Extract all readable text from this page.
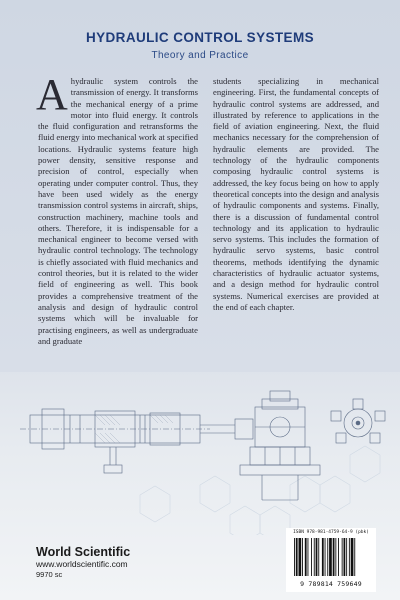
HYDRAULIC CONTROL SYSTEMS
Theory and Practice
A hydraulic system controls the transmission of energy. It transforms the mechanical energy of a prime motor into fluid energy. It controls the fluid configuration and retransforms the fluid energy into mechanical work at specified locations. Hydraulic systems feature high power density, sensitive response and precision of control, especially when operating under computer control. Thus, they have been used widely as the energy transmission control systems in aircraft, ships, construction machinery, machine tools and others. Therefore, it is indispensable for a mechanical engineer to become versed with hydraulic control technology. The technology is chiefly associated with fluid mechanics and control theories, but it is related to the wider field of engineering as well. This book provides a comprehensive treatment of the analysis and design of hydraulic control systems which will be invaluable for practising engineers, as well as undergraduate and graduate
students specializing in mechanical engineering. First, the fundamental concepts of hydraulic control systems are addressed, and illustrated by reference to applications in the field of aviation engineering. Next, the fluid mechanics necessary for the comprehension of hydraulic elements are provided. The technology of the hydraulic components composing hydraulic control systems is addressed, the key focus being on how to apply theoretical concepts into the design and analysis of hydraulic components and systems. Finally, there is a discussion of fundamental control technology and its application to hydraulic servo systems. This includes the formation of hydraulic servo systems, basic control theorems, methods identifying the dynamic characteristics of hydraulic actuator systems, and a design method for hydraulic control systems. Numerical exercises are provided at the end of each chapter.
World Scientific
www.worldscientific.com
9970 sc
ISBN 978-981-4759-64-9 (pbk)
9 789814 759649
